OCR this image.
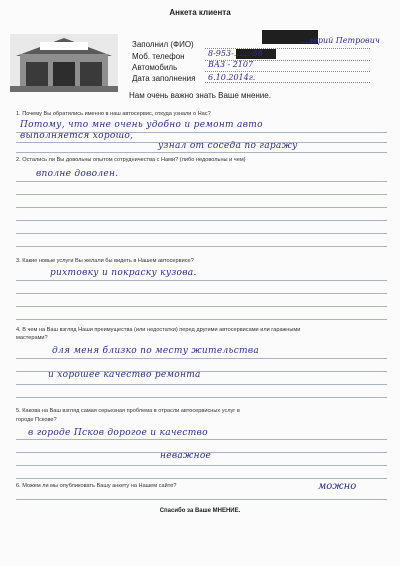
Анкета клиента
Заполнил (ФИО)	…лерий Петрович
Моб. телефон	8-953-……-58
Автомобиль	ВАЗ - 2107
Дата заполнения 6.10.2014г.
Нам очень важно знать Ваше мнение.
1. Почему Вы обратились именно в наш автосервис, откуда узнали о Нас?
Потому, что мне очень удобно и ремонт авто
выполняется хорошо,
узнал от соседа по гаражу
2. Остались ли Вы довольны опытом сотрудничества с Нами? (либо недовольны и чем)
вполне доволен.
3. Какие новые услуги Вы желали бы видеть в Нашем автосервисе?
рихтовку и покраску кузова.
4. В чем на Ваш взгляд Наши преимущества (или недостатки) перед другими автосервисами или гаражными
мастерами?
для меня близко по месту жительства
и хорошее качество ремонта
5. Какова на Ваш взгляд самая серьезная проблема в отрасли автосервисных услуг в
городе Пскове?
в городе Псков дорогое и качество
неважное
6. Можем ли мы опубликовать Вашу анкету на Нашем сайте?	можно
Спасибо за Ваше МНЕНИЕ.
